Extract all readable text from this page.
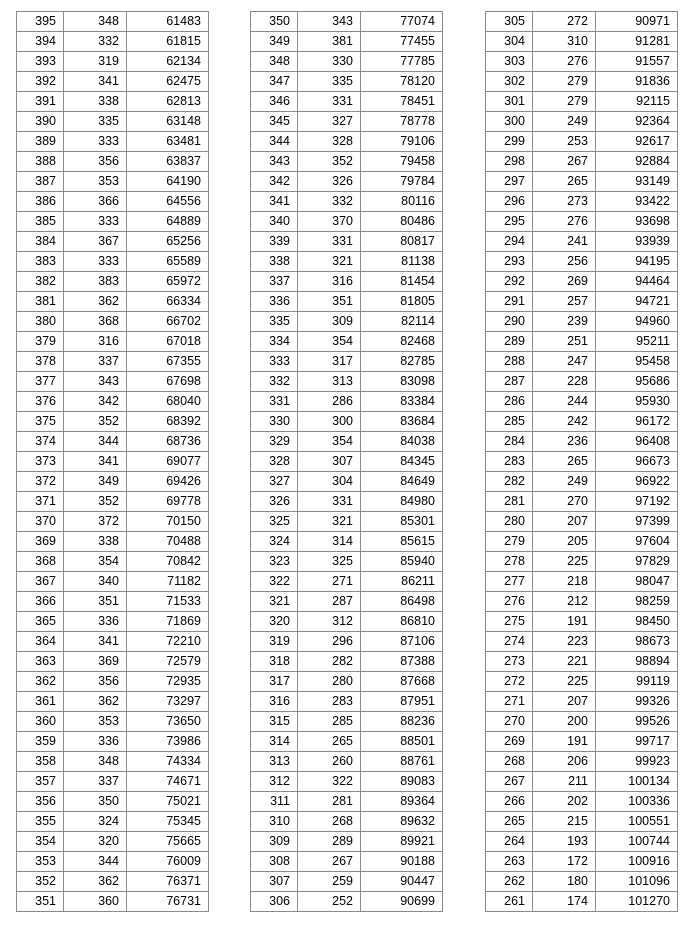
395	348	61483
394	332	61815
393	319	62134
392	341	62475
391	338	62813
390	335	63148
389	333	63481
388	356	63837
387	353	64190
386	366	64556
385	333	64889
384	367	65256
383	333	65589
382	383	65972
381	362	66334
380	368	66702
379	316	67018
378	337	67355
377	343	67698
376	342	68040
375	352	68392
374	344	68736
373	341	69077
372	349	69426
371	352	69778
370	372	70150
369	338	70488
368	354	70842
367	340	71182
366	351	71533
365	336	71869
364	341	72210
363	369	72579
362	356	72935
361	362	73297
360	353	73650
359	336	73986
358	348	74334
357	337	74671
356	350	75021
355	324	75345
354	320	75665
353	344	76009
352	362	76371
351	360	76731
350	343	77074
349	381	77455
348	330	77785
347	335	78120
346	331	78451
345	327	78778
344	328	79106
343	352	79458
342	326	79784
341	332	80116
340	370	80486
339	331	80817
338	321	81138
337	316	81454
336	351	81805
335	309	82114
334	354	82468
333	317	82785
332	313	83098
331	286	83384
330	300	83684
329	354	84038
328	307	84345
327	304	84649
326	331	84980
325	321	85301
324	314	85615
323	325	85940
322	271	86211
321	287	86498
320	312	86810
319	296	87106
318	282	87388
317	280	87668
316	283	87951
315	285	88236
314	265	88501
313	260	88761
312	322	89083
311	281	89364
310	268	89632
309	289	89921
308	267	90188
307	259	90447
306	252	90699
305	272	90971
304	310	91281
303	276	91557
302	279	91836
301	279	92115
300	249	92364
299	253	92617
298	267	92884
297	265	93149
296	273	93422
295	276	93698
294	241	93939
293	256	94195
292	269	94464
291	257	94721
290	239	94960
289	251	95211
288	247	95458
287	228	95686
286	244	95930
285	242	96172
284	236	96408
283	265	96673
282	249	96922
281	270	97192
280	207	97399
279	205	97604
278	225	97829
277	218	98047
276	212	98259
275	191	98450
274	223	98673
273	221	98894
272	225	99119
271	207	99326
270	200	99526
269	191	99717
268	206	99923
267	211	100134
266	202	100336
265	215	100551
264	193	100744
263	172	100916
262	180	101096
261	174	101270
